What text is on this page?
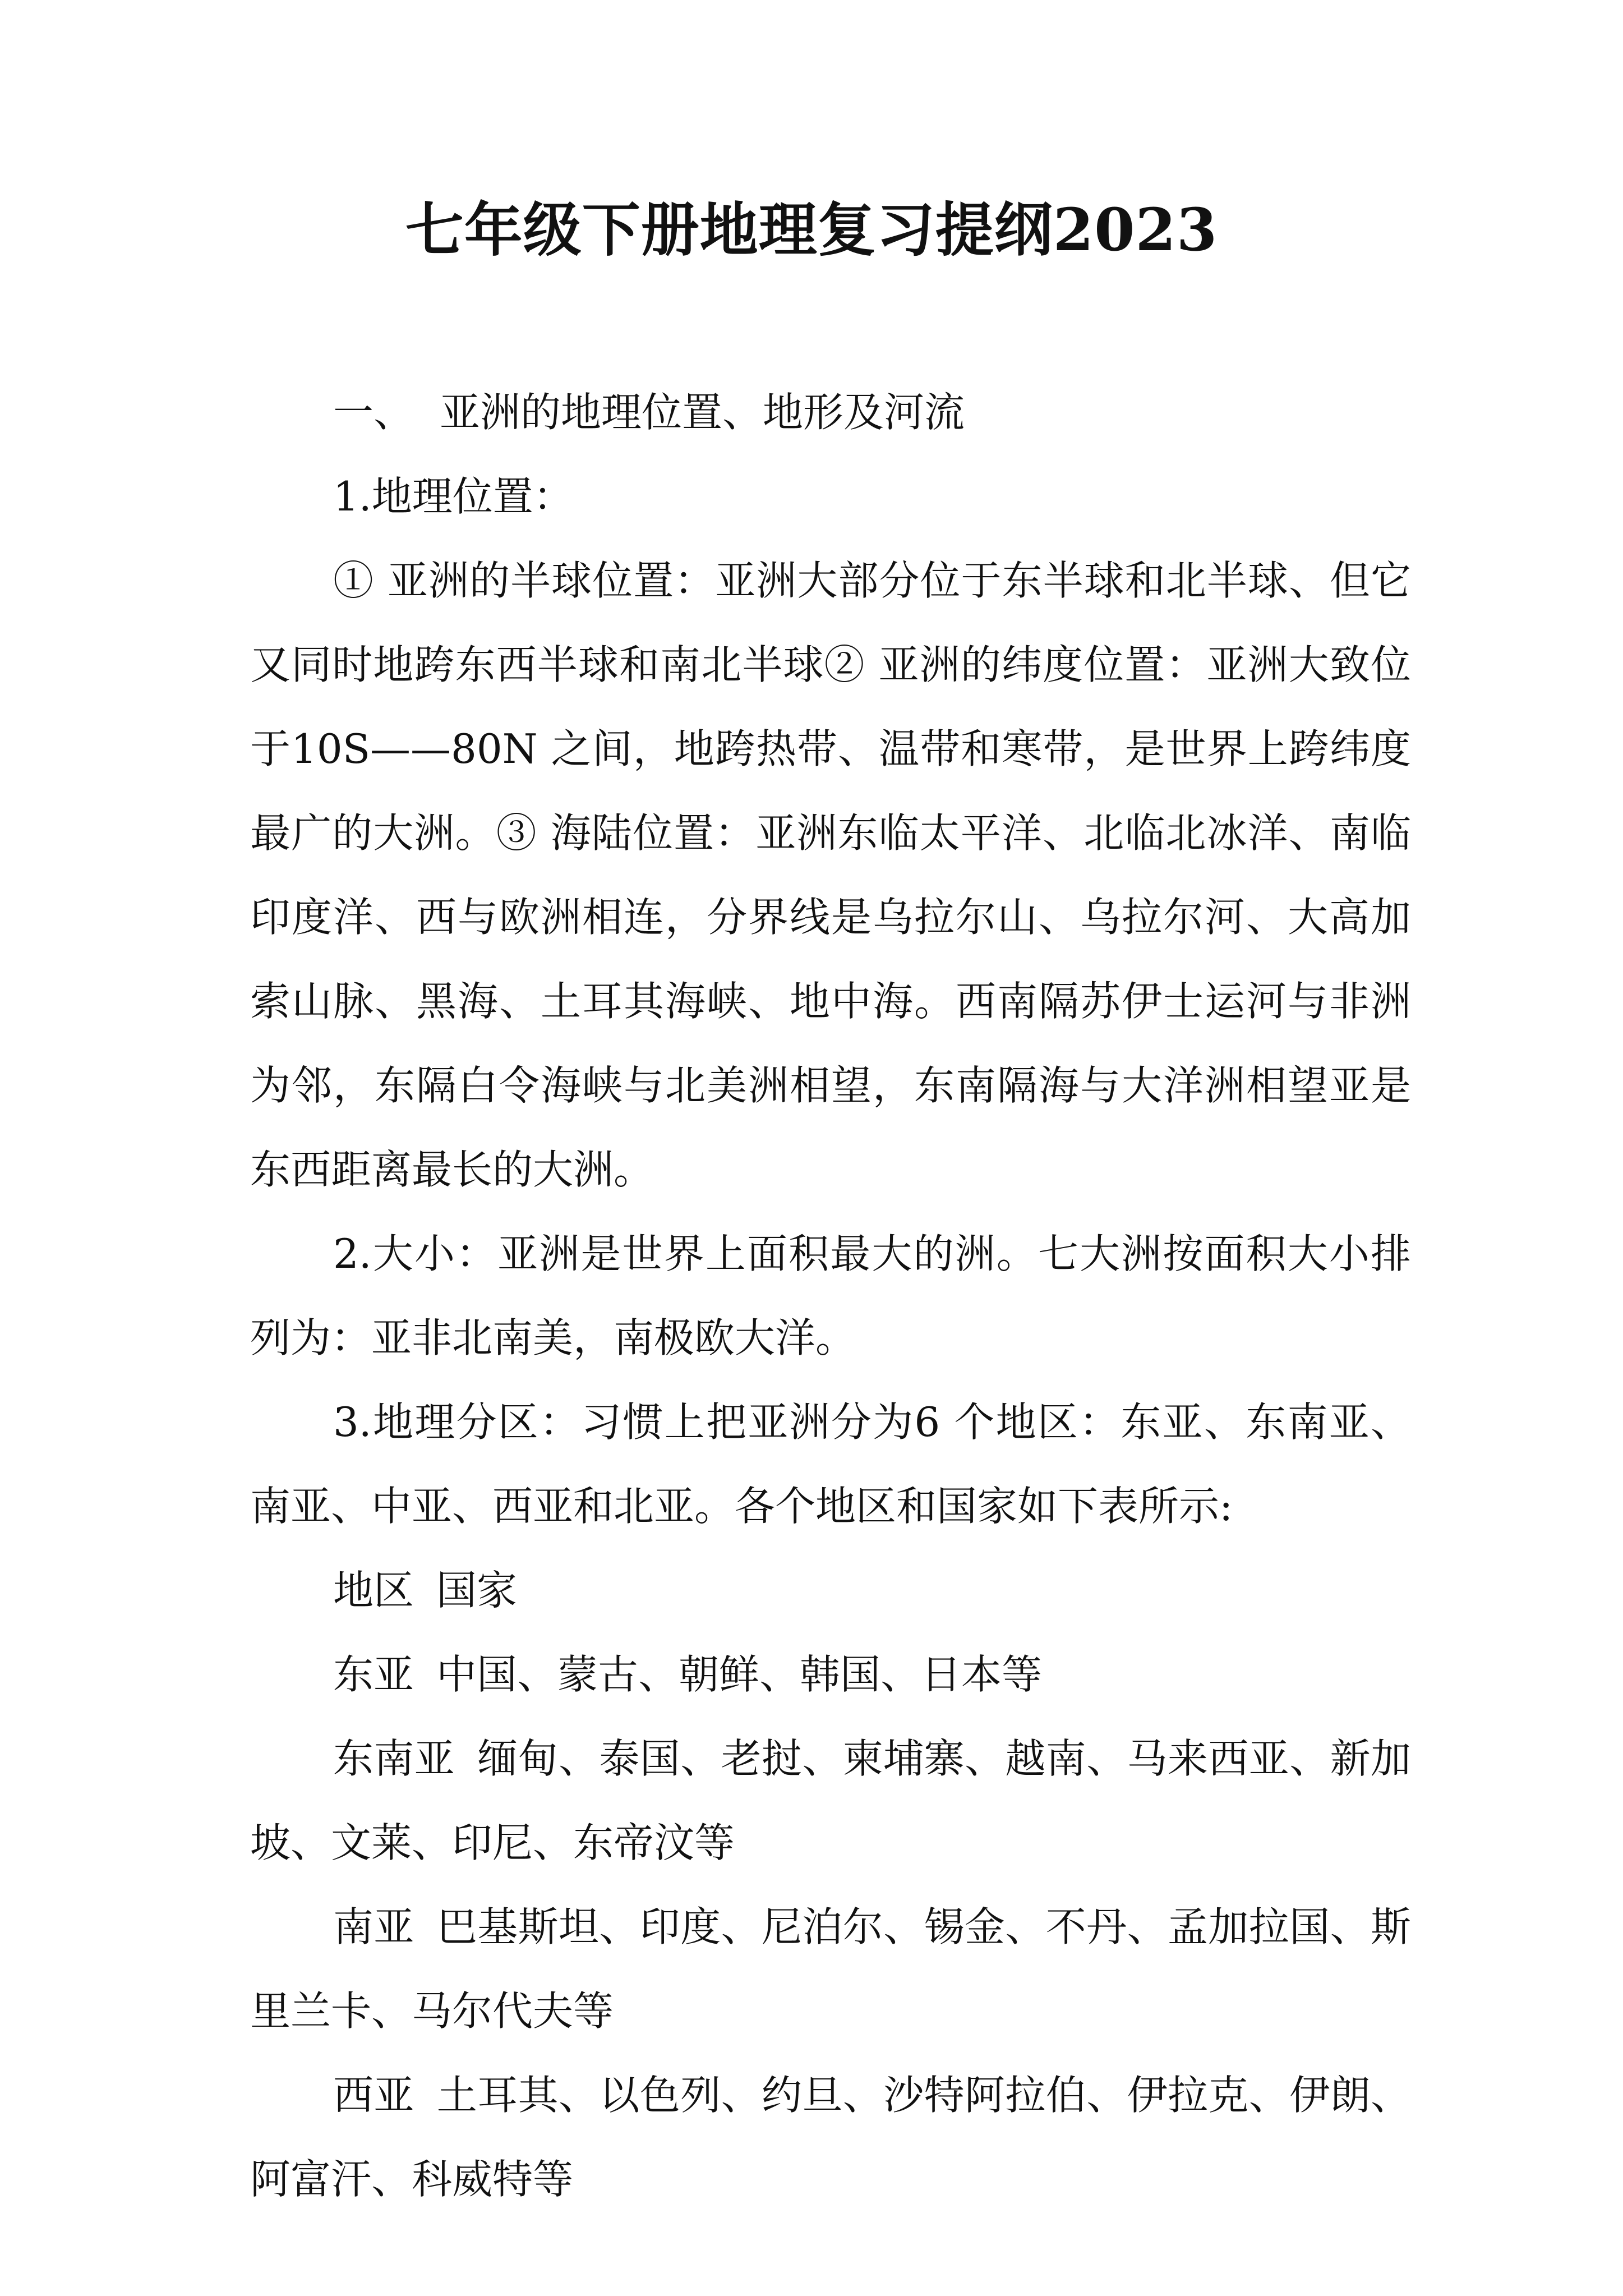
七年级下册地理复习提纲2023

一、 亚洲的地理位置、地形及河流

1.地理位置：

① 亚洲的半球位置：亚洲大部分位于东半球和北半球、但它又同时地跨东西半球和南北半球② 亚洲的纬度位置：亚洲大致位于10S——80N 之间，地跨热带、温带和寒带，是世界上跨纬度最广的大洲。③ 海陆位置：亚洲东临太平洋、北临北冰洋、南临印度洋、西与欧洲相连，分界线是乌拉尔山、乌拉尔河、大高加索山脉、黑海、土耳其海峡、地中海。西南隔苏伊士运河与非洲为邻，东隔白令海峡与北美洲相望，东南隔海与大洋洲相望亚是东西距离最长的大洲。

2.大小：亚洲是世界上面积最大的洲。七大洲按面积大小排列为：亚非北南美，南极欧大洋。

3.地理分区：习惯上把亚洲分为6 个地区：东亚、东南亚、南亚、中亚、西亚和北亚。各个地区和国家如下表所示:

地区 国家

东亚 中国、蒙古、朝鲜、韩国、日本等

东南亚 缅甸、泰国、老挝、柬埔寨、越南、马来西亚、新加坡、文莱、印尼、东帝汶等

南亚 巴基斯坦、印度、尼泊尔、锡金、不丹、孟加拉国、斯里兰卡、马尔代夫等

西亚 土耳其、以色列、约旦、沙特阿拉伯、伊拉克、伊朗、阿富汗、科威特等
